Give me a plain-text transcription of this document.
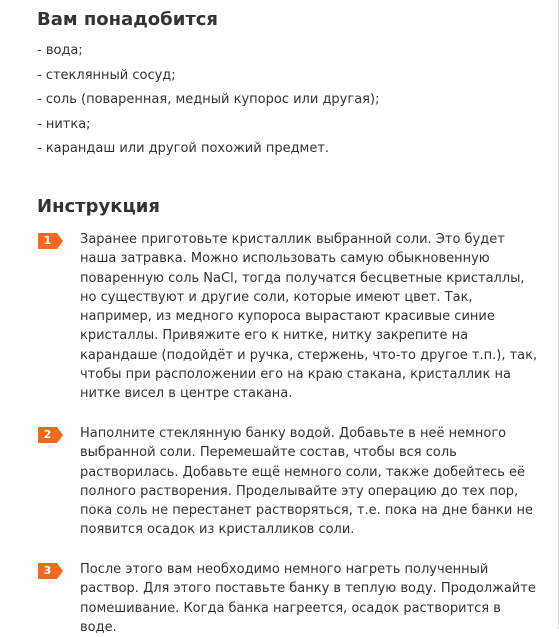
Вам понадобится
- вода;
- стеклянный сосуд;
- соль (поваренная, медный купорос или другая);
- нитка;
- карандаш или другой похожий предмет.
Инструкция
1	Заранее приготовьте кристаллик выбранной соли. Это будет
наша затравка. Можно использовать самую обыкновенную
поваренную соль NaCl, тогда получатся бесцветные кристаллы,
но существуют и другие соли, которые имеют цвет. Так,
например, из медного купороса вырастают красивые синие
кристаллы. Привяжите его к нитке, нитку закрепите на
карандаше (подойдёт и ручка, стержень, что-то другое т.п.), так,
чтобы при расположении его на краю стакана, кристаллик на
нитке висел в центре стакана.

2	Наполните стеклянную банку водой. Добавьте в неё немного
выбранной соли. Перемешайте состав, чтобы вся соль
растворилась. Добавьте ещё немного соли, также добейтесь её
полного растворения. Проделывайте эту операцию до тех пор,
пока соль не перестанет растворяться, т.е. пока на дне банки не
появится осадок из кристалликов соли.

3	После этого вам необходимо немного нагреть полученный
раствор. Для этого поставьте банку в теплую воду. Продолжайте
помешивание. Когда банка нагреется, осадок растворится в
воде.
